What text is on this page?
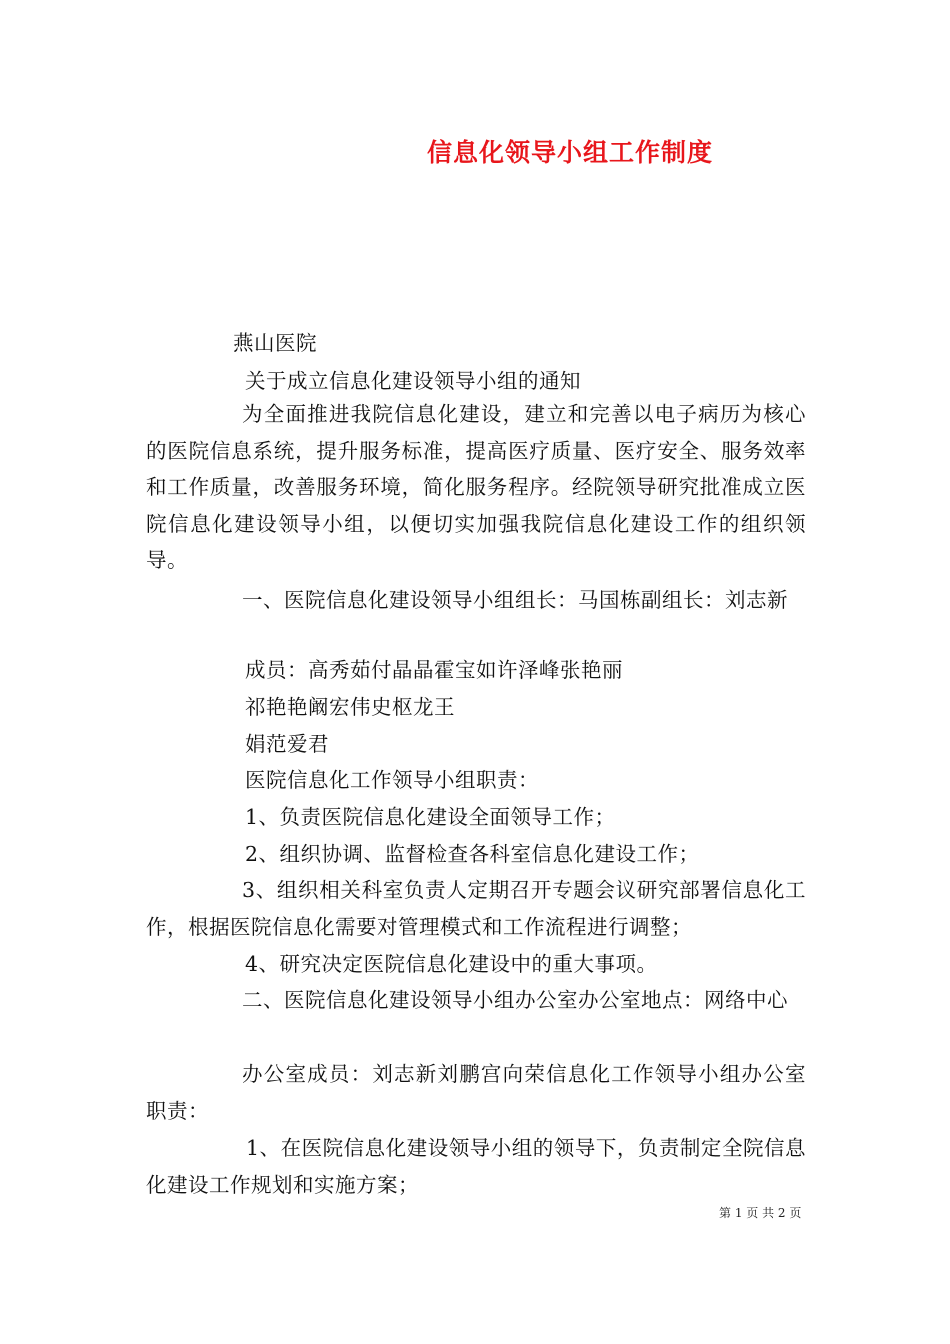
信息化领导小组工作制度
燕山医院
关于成立信息化建设领导小组的通知
为全面推进我院信息化建设，建立和完善以电子病历为核心的医院信息系统，提升服务标准，提高医疗质量、医疗安全、服务效率和工作质量，改善服务环境，简化服务程序。经院领导研究批准成立医院信息化建设领导小组，以便切实加强我院信息化建设工作的组织领导。
一、医院信息化建设领导小组组长：马国栋副组长：刘志新
成员：高秀茹付晶晶霍宝如许泽峰张艳丽
祁艳艳阚宏伟史枢龙王
娟范爱君
医院信息化工作领导小组职责：
1、负责医院信息化建设全面领导工作；
2、组织协调、监督检查各科室信息化建设工作；
3、组织相关科室负责人定期召开专题会议研究部署信息化工作，根据医院信息化需要对管理模式和工作流程进行调整；
4、研究决定医院信息化建设中的重大事项。
二、医院信息化建设领导小组办公室办公室地点：网络中心
办公室成员：刘志新刘鹏宫向荣信息化工作领导小组办公室职责：
1、在医院信息化建设领导小组的领导下，负责制定全院信息化建设工作规划和实施方案；
第 1 页 共 2 页
